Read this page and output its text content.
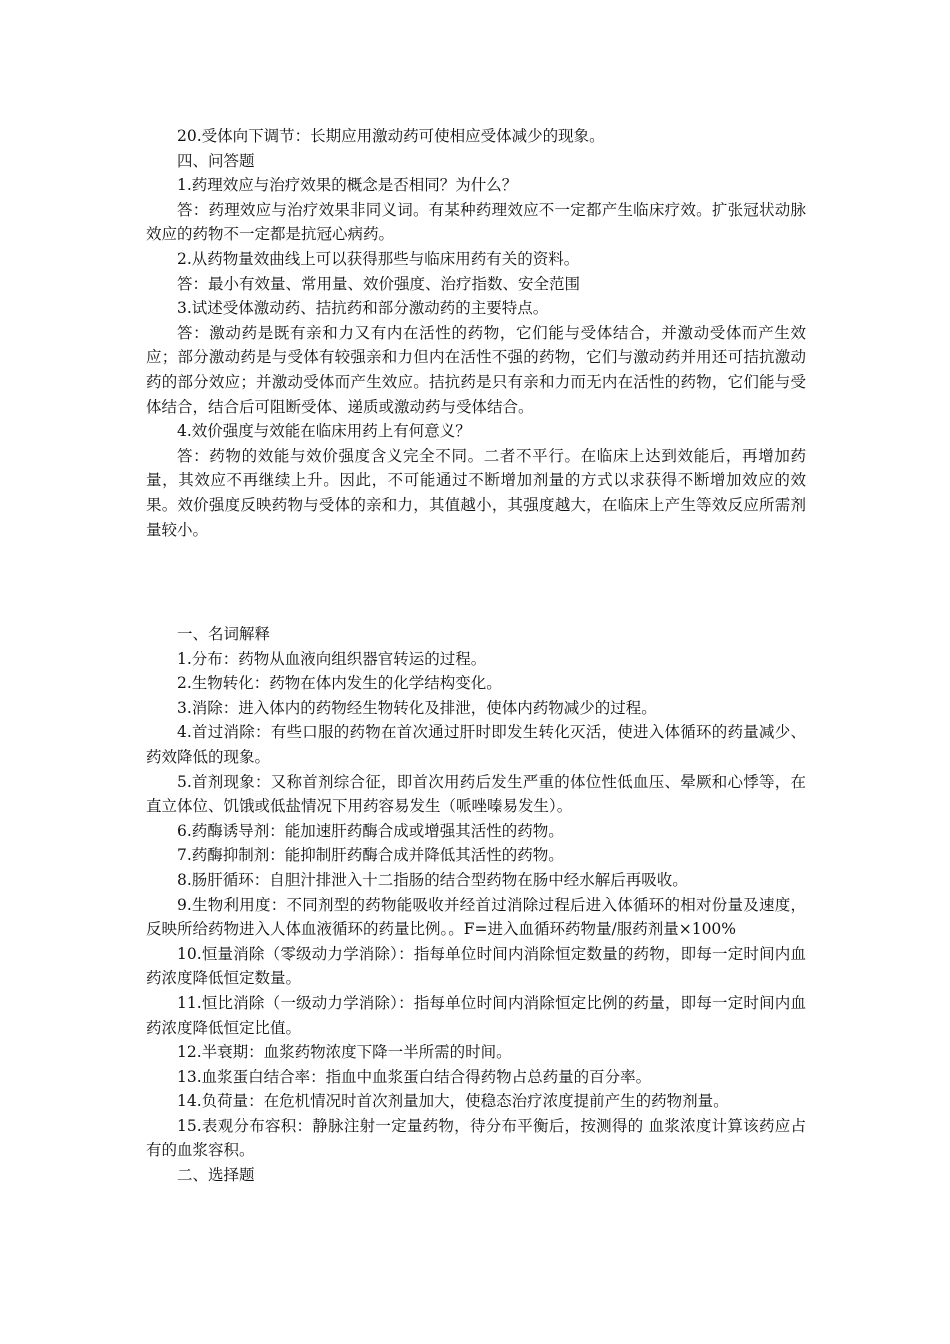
20.受体向下调节：长期应用激动药可使相应受体减少的现象。

四、问答题

1.药理效应与治疗效果的概念是否相同？为什么？

答：药理效应与治疗效果非同义词。有某种药理效应不一定都产生临床疗效。扩张冠状动脉效应的药物不一定都是抗冠心病药。

2.从药物量效曲线上可以获得那些与临床用药有关的资料。

答：最小有效量、常用量、效价强度、治疗指数、安全范围

3.试述受体激动药、拮抗药和部分激动药的主要特点。

答：激动药是既有亲和力又有内在活性的药物，它们能与受体结合，并激动受体而产生效应；部分激动药是与受体有较强亲和力但内在活性不强的药物，它们与激动药并用还可拮抗激动药的部分效应；并激动受体而产生效应。拮抗药是只有亲和力而无内在活性的药物，它们能与受体结合，结合后可阻断受体、递质或激动药与受体结合。

4.效价强度与效能在临床用药上有何意义？

答：药物的效能与效价强度含义完全不同。二者不平行。在临床上达到效能后，再增加药量，其效应不再继续上升。因此，不可能通过不断增加剂量的方式以求获得不断增加效应的效果。效价强度反映药物与受体的亲和力，其值越小，其强度越大，在临床上产生等效反应所需剂量较小。

一、名词解释

1.分布：药物从血液向组织器官转运的过程。

2.生物转化：药物在体内发生的化学结构变化。

3.消除：进入体内的药物经生物转化及排泄，使体内药物减少的过程。

4.首过消除：有些口服的药物在首次通过肝时即发生转化灭活，使进入体循环的药量减少、药效降低的现象。

5.首剂现象：又称首剂综合征，即首次用药后发生严重的体位性低血压、晕厥和心悸等，在直立体位、饥饿或低盐情况下用药容易发生（哌唑嗪易发生）。

6.药酶诱导剂：能加速肝药酶合成或增强其活性的药物。

7.药酶抑制剂：能抑制肝药酶合成并降低其活性的药物。

8.肠肝循环：自胆汁排泄入十二指肠的结合型药物在肠中经水解后再吸收。

9.生物利用度：不同剂型的药物能吸收并经首过消除过程后进入体循环的相对份量及速度，反映所给药物进入人体血液循环的药量比例。。F=进入血循环药物量/服药剂量×100%

10.恒量消除（零级动力学消除）：指每单位时间内消除恒定数量的药物，即每一定时间内血药浓度降低恒定数量。

11.恒比消除（一级动力学消除）：指每单位时间内消除恒定比例的药量，即每一定时间内血药浓度降低恒定比值。

12.半衰期：血浆药物浓度下降一半所需的时间。

13.血浆蛋白结合率：指血中血浆蛋白结合得药物占总药量的百分率。

14.负荷量：在危机情况时首次剂量加大，使稳态治疗浓度提前产生的药物剂量。

15.表观分布容积：静脉注射一定量药物，待分布平衡后，按测得的 血浆浓度计算该药应占有的血浆容积。

二、选择题
